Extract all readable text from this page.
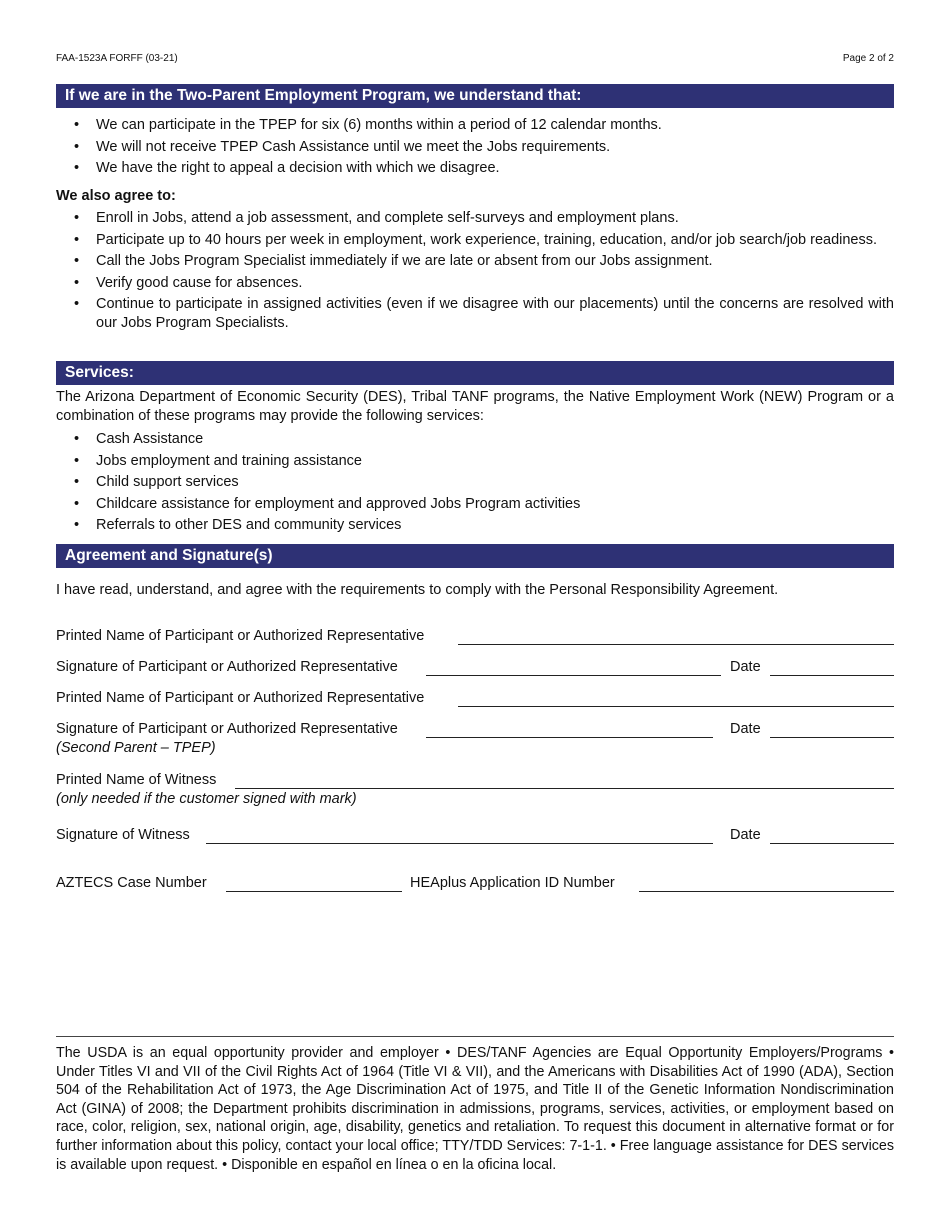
FAA-1523A FORFF (03-21)	Page 2 of 2
If we are in the Two-Parent Employment Program, we understand that:
• We can participate in the TPEP for six (6) months within a period of 12 calendar months.
• We will not receive TPEP Cash Assistance until we meet the Jobs requirements.
• We have the right to appeal a decision with which we disagree.
We also agree to:
• Enroll in Jobs, attend a job assessment, and complete self-surveys and employment plans.
• Participate up to 40 hours per week in employment, work experience, training, education, and/or job search/job readiness.
• Call the Jobs Program Specialist immediately if we are late or absent from our Jobs assignment.
• Verify good cause for absences.
• Continue to participate in assigned activities (even if we disagree with our placements) until the concerns are resolved with our Jobs Program Specialists.
Services:
The Arizona Department of Economic Security (DES), Tribal TANF programs, the Native Employment Work (NEW) Program or a combination of these programs may provide the following services:
• Cash Assistance
• Jobs employment and training assistance
• Child support services
• Childcare assistance for employment and approved Jobs Program activities
• Referrals to other DES and community services
Agreement and Signature(s)
I have read, understand, and agree with the requirements to comply with the Personal Responsibility Agreement.
Printed Name of Participant or Authorized Representative
Signature of Participant or Authorized Representative	Date
Printed Name of Participant or Authorized Representative
Signature of Participant or Authorized Representative	Date
(Second Parent – TPEP)
Printed Name of Witness
(only needed if the customer signed with mark)
Signature of Witness	Date
AZTECS Case Number	HEAplus Application ID Number
The USDA is an equal opportunity provider and employer • DES/TANF Agencies are Equal Opportunity Employers/Programs • Under Titles VI and VII of the Civil Rights Act of 1964 (Title VI & VII), and the Americans with Disabilities Act of 1990 (ADA), Section 504 of the Rehabilitation Act of 1973, the Age Discrimination Act of 1975, and Title II of the Genetic Information Nondiscrimination Act (GINA) of 2008; the Department prohibits discrimination in admissions, programs, services, activities, or employment based on race, color, religion, sex, national origin, age, disability, genetics and retaliation. To request this document in alternative format or for further information about this policy, contact your local office; TTY/TDD Services: 7-1-1. • Free language assistance for DES services is available upon request. • Disponible en español en línea o en la oficina local.
